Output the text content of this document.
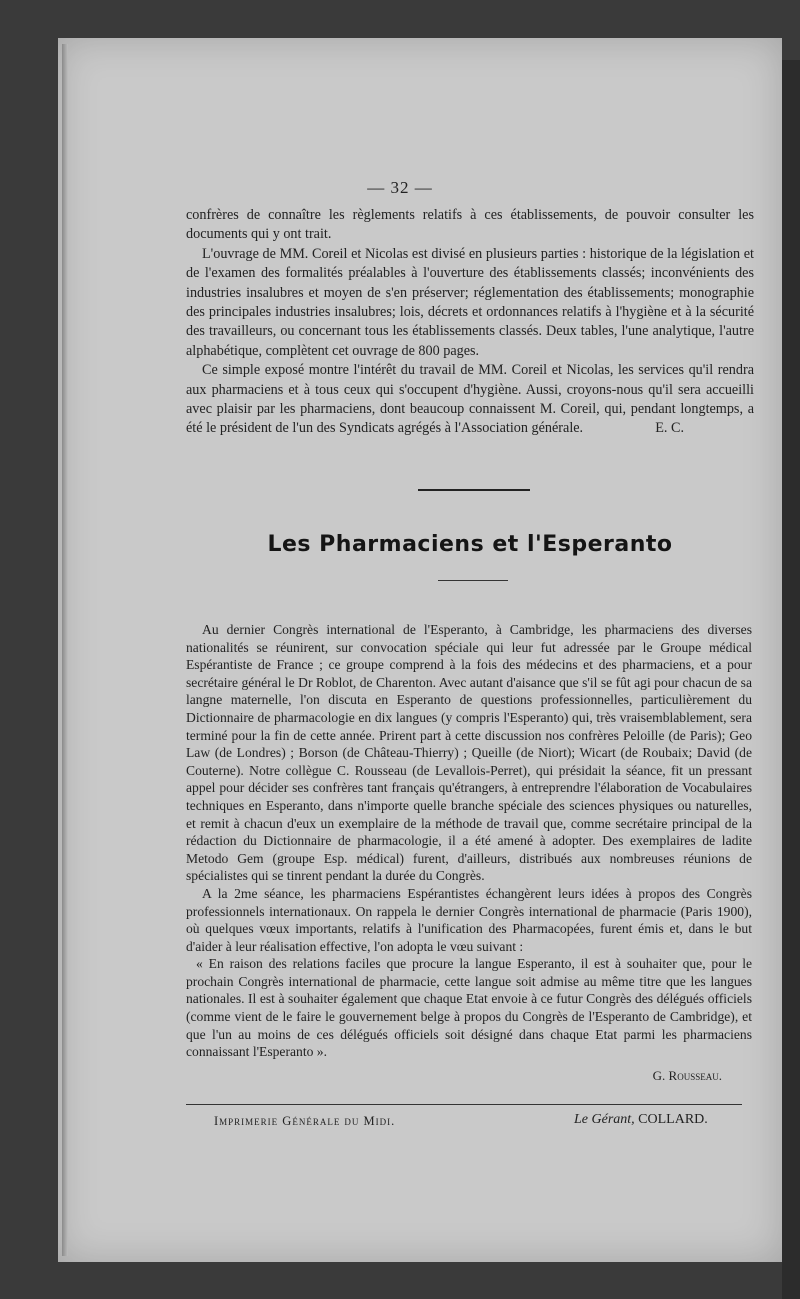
— 32 —

confrères de connaître les règlements relatifs à ces établissements, de pouvoir consulter les documents qui y ont trait.

L'ouvrage de MM. Coreil et Nicolas est divisé en plusieurs parties : historique de la législation et de l'examen des formalités préalables à l'ouverture des établissements classés; inconvénients des industries insalubres et moyen de s'en préserver; réglementation des établissements; monographie des principales industries insalubres; lois, décrets et ordonnances relatifs à l'hygiène et à la sécurité des travailleurs, ou concernant tous les établissements classés. Deux tables, l'une analytique, l'autre alphabétique, complètent cet ouvrage de 800 pages.

Ce simple exposé montre l'intérêt du travail de MM. Coreil et Nicolas, les services qu'il rendra aux pharmaciens et à tous ceux qui s'occupent d'hygiène. Aussi, croyons-nous qu'il sera accueilli avec plaisir par les pharmaciens, dont beaucoup connaissent M. Coreil, qui, pendant longtemps, a été le président de l'un des Syndicats agrégés à l'Association générale.	E. C.

Les Pharmaciens et l'Esperanto

Au dernier Congrès international de l'Esperanto, à Cambridge, les pharmaciens des diverses nationalités se réunirent, sur convocation spéciale qui leur fut adressée par le Groupe médical Espérantiste de France ; ce groupe comprend à la fois des médecins et des pharmaciens, et a pour secrétaire général le Dr Roblot, de Charenton. Avec autant d'aisance que s'il se fût agi pour chacun de sa langne maternelle, l'on discuta en Esperanto de questions professionnelles, particulièrement du Dictionnaire de pharmacologie en dix langues (y compris l'Esperanto) qui, très vraisemblablement, sera terminé pour la fin de cette année. Prirent part à cette discussion nos confrères Peloille (de Paris); Geo Law (de Londres) ; Borson (de Château-Thierry) ; Queille (de Niort); Wicart (de Roubaix; David (de Couterne). Notre collègue C. Rousseau (de Levallois-Perret), qui présidait la séance, fit un pressant appel pour décider ses confrères tant français qu'étrangers, à entreprendre l'élaboration de Vocabulaires techniques en Esperanto, dans n'importe quelle branche spéciale des sciences physiques ou naturelles, et remit à chacun d'eux un exemplaire de la méthode de travail que, comme secrétaire principal de la rédaction du Dictionnaire de pharmacologie, il a été amené à adopter. Des exemplaires de ladite Metodo Gem (groupe Esp. médical) furent, d'ailleurs, distribués aux nombreuses réunions de spécialistes qui se tinrent pendant la durée du Congrès.

A la 2me séance, les pharmaciens Espérantistes échangèrent leurs idées à propos des Congrès professionnels internationaux. On rappela le dernier Congrès international de pharmacie (Paris 1900), où quelques vœux importants, relatifs à l'unification des Pharmacopées, furent émis et, dans le but d'aider à leur réalisation effective, l'on adopta le vœu suivant :

« En raison des relations faciles que procure la langue Esperanto, il est à souhaiter que, pour le prochain Congrès international de pharmacie, cette langue soit admise au même titre que les langues nationales. Il est à souhaiter également que chaque Etat envoie à ce futur Congrès des délégués officiels (comme vient de le faire le gouvernement belge à propos du Congrès de l'Esperanto de Cambridge), et que l'un au moins de ces délégués officiels soit désigné dans chaque Etat parmi les pharmaciens connaissant l'Esperanto ».

G. Rousseau.
Imprimerie Générale du Midi.	Le Gérant, COLLARD.
